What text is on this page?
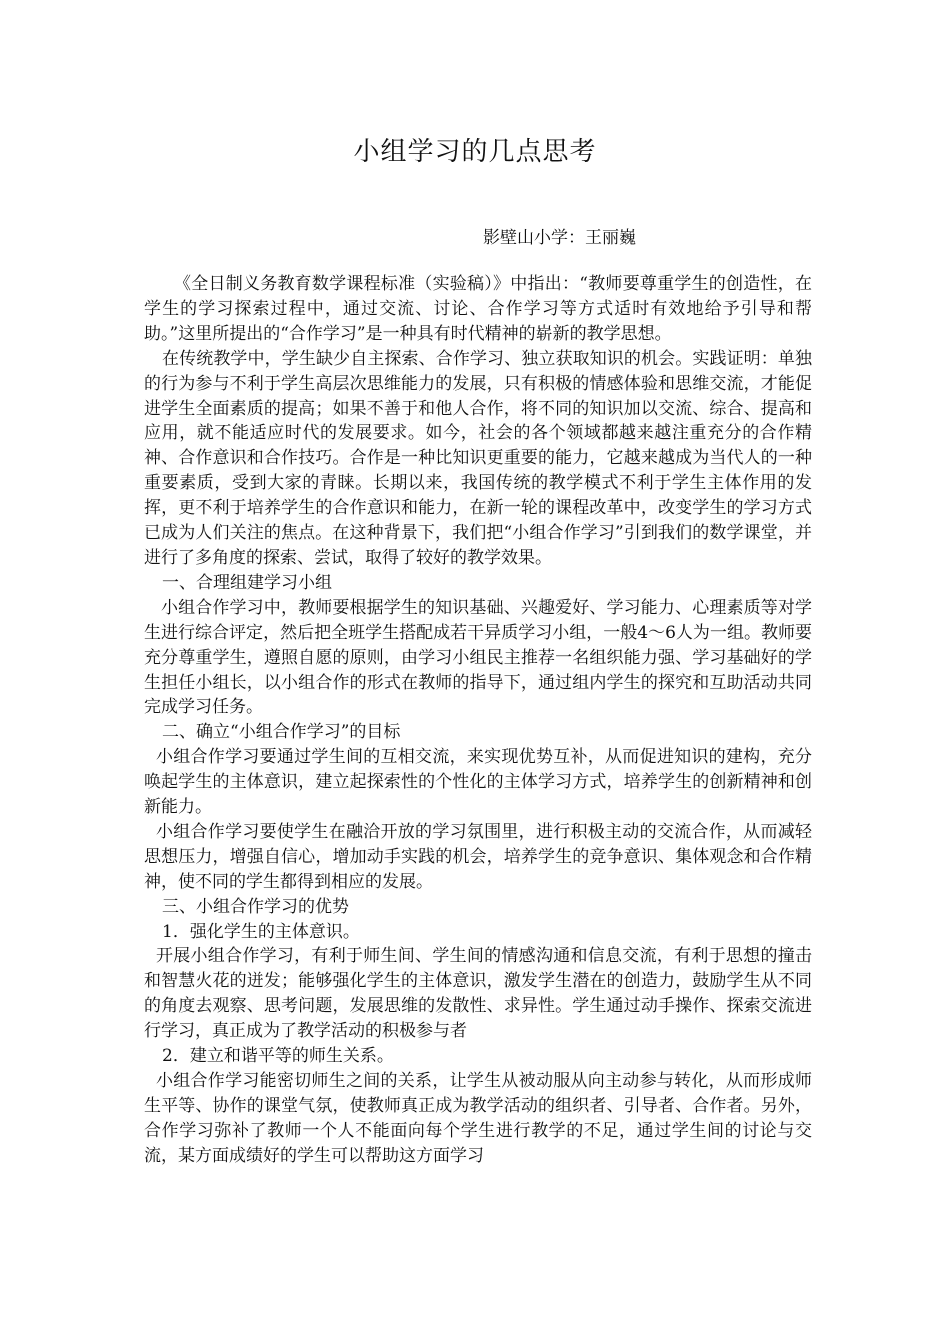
小组学习的几点思考
影壁山小学：王丽巍

《全日制义务教育数学课程标准（实验稿）》中指出：“教师要尊重学生的创造性，在学生的学习探索过程中，通过交流、讨论、合作学习等方式适时有效地给予引导和帮助。”这里所提出的“合作学习”是一种具有时代精神的崭新的教学思想。

在传统教学中，学生缺少自主探索、合作学习、独立获取知识的机会。实践证明：单独的行为参与不利于学生高层次思维能力的发展，只有积极的情感体验和思维交流，才能促进学生全面素质的提高；如果不善于和他人合作，将不同的知识加以交流、综合、提高和应用，就不能适应时代的发展要求。如今，社会的各个领域都越来越注重充分的合作精神、合作意识和合作技巧。合作是一种比知识更重要的能力，它越来越成为当代人的一种重要素质，受到大家的青睐。长期以来，我国传统的教学模式不利于学生主体作用的发挥，更不利于培养学生的合作意识和能力，在新一轮的课程改革中，改变学生的学习方式已成为人们关注的焦点。在这种背景下，我们把“小组合作学习”引到我们的数学课堂，并进行了多角度的探索、尝试，取得了较好的教学效果。

一、合理组建学习小组

小组合作学习中，教师要根据学生的知识基础、兴趣爱好、学习能力、心理素质等对学生进行综合评定，然后把全班学生搭配成若干异质学习小组，一般4～6人为一组。教师要充分尊重学生，遵照自愿的原则，由学习小组民主推荐一名组织能力强、学习基础好的学生担任小组长，以小组合作的形式在教师的指导下，通过组内学生的探究和互助活动共同完成学习任务。

二、确立“小组合作学习”的目标

小组合作学习要通过学生间的互相交流，来实现优势互补，从而促进知识的建构，充分唤起学生的主体意识，建立起探索性的个性化的主体学习方式，培养学生的创新精神和创新能力。

小组合作学习要使学生在融洽开放的学习氛围里，进行积极主动的交流合作，从而减轻思想压力，增强自信心，增加动手实践的机会，培养学生的竞争意识、集体观念和合作精神，使不同的学生都得到相应的发展。

三、小组合作学习的优势

1．强化学生的主体意识。

开展小组合作学习，有利于师生间、学生间的情感沟通和信息交流，有利于思想的撞击和智慧火花的迸发；能够强化学生的主体意识，激发学生潜在的创造力，鼓励学生从不同的角度去观察、思考问题，发展思维的发散性、求异性。学生通过动手操作、探索交流进行学习，真正成为了教学活动的积极参与者

2．建立和谐平等的师生关系。

小组合作学习能密切师生之间的关系，让学生从被动服从向主动参与转化，从而形成师生平等、协作的课堂气氛，使教师真正成为教学活动的组织者、引导者、合作者。另外，合作学习弥补了教师一个人不能面向每个学生进行教学的不足，通过学生间的讨论与交流，某方面成绩好的学生可以帮助这方面学习
